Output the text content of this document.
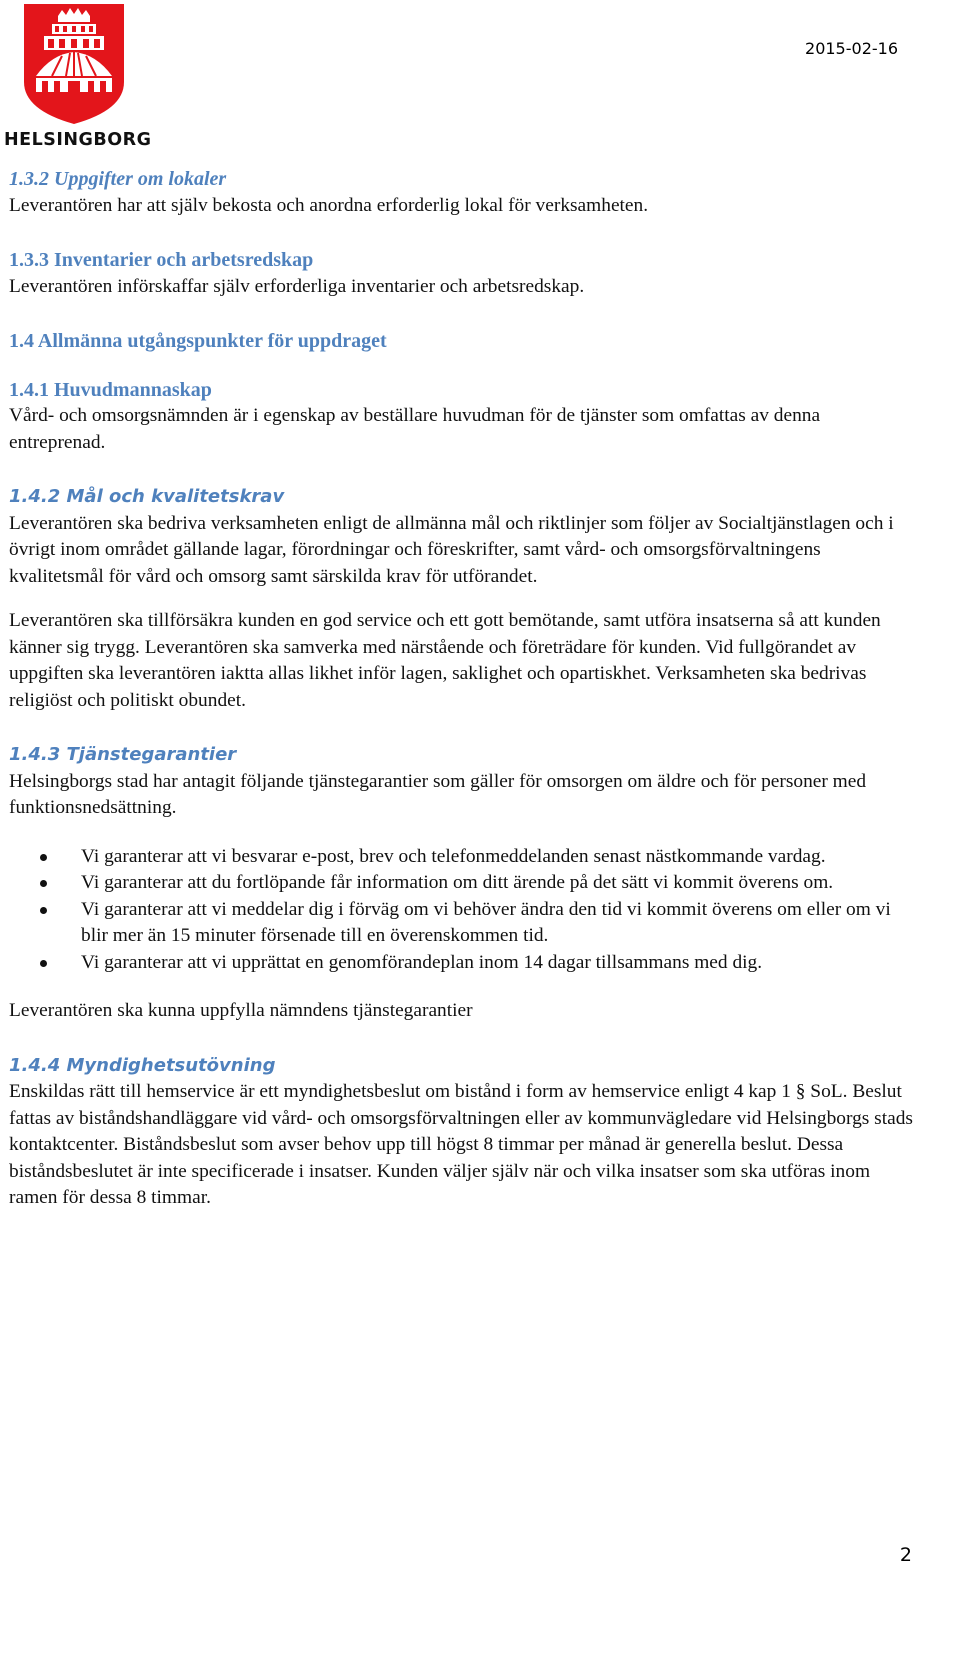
HELSINGBORG
2015-02-16
1.3.2 Uppgifter om lokaler

Leverantören har att själv bekosta och anordna erforderlig lokal för verksamheten.

1.3.3 Inventarier och arbetsredskap

Leverantören införskaffar själv erforderliga inventarier och arbetsredskap.

1.4 Allmänna utgångspunkter för uppdraget
1.4.1 Huvudmannaskap

Vård- och omsorgsnämnden är i egenskap av beställare huvudman för de tjänster som omfattas av denna entreprenad.

1.4.2 Mål och kvalitetskrav

Leverantören ska bedriva verksamheten enligt de allmänna mål och riktlinjer som följer av Socialtjänstlagen och i övrigt inom området gällande lagar, förordningar och föreskrifter, samt vård- och omsorgsförvaltningens kvalitetsmål för vård och omsorg samt särskilda krav för utförandet.

Leverantören ska tillförsäkra kunden en god service och ett gott bemötande, samt utföra insatserna så att kunden känner sig trygg. Leverantören ska samverka med närstående och företrädare för kunden. Vid fullgörandet av uppgiften ska leverantören iaktta allas likhet inför lagen, saklighet och opartiskhet. Verksamheten ska bedrivas religiöst och politiskt obundet.

1.4.3 Tjänstegarantier

Helsingborgs stad har antagit följande tjänstegarantier som gäller för omsorgen om äldre och för personer med funktionsnedsättning.

Vi garanterar att vi besvarar e-post, brev och telefonmeddelanden senast nästkommande vardag.
Vi garanterar att du fortlöpande får information om ditt ärende på det sätt vi kommit överens om.
Vi garanterar att vi meddelar dig i förväg om vi behöver ändra den tid vi kommit överens om eller om vi blir mer än 15 minuter försenade till en överenskommen tid.
Vi garanterar att vi upprättat en genomförandeplan inom 14 dagar tillsammans med dig.

Leverantören ska kunna uppfylla nämndens tjänstegarantier

1.4.4 Myndighetsutövning

Enskildas rätt till hemservice är ett myndighetsbeslut om bistånd i form av hemservice enligt 4 kap 1 § SoL. Beslut fattas av biståndshandläggare vid vård- och omsorgsförvaltningen eller av kommunvägledare vid Helsingborgs stads kontaktcenter. Biståndsbeslut som avser behov upp till högst 8 timmar per månad är generella beslut. Dessa biståndsbeslutet är inte specificerade i insatser. Kunden väljer själv när och vilka insatser som ska utföras inom ramen för dessa 8 timmar.

2
